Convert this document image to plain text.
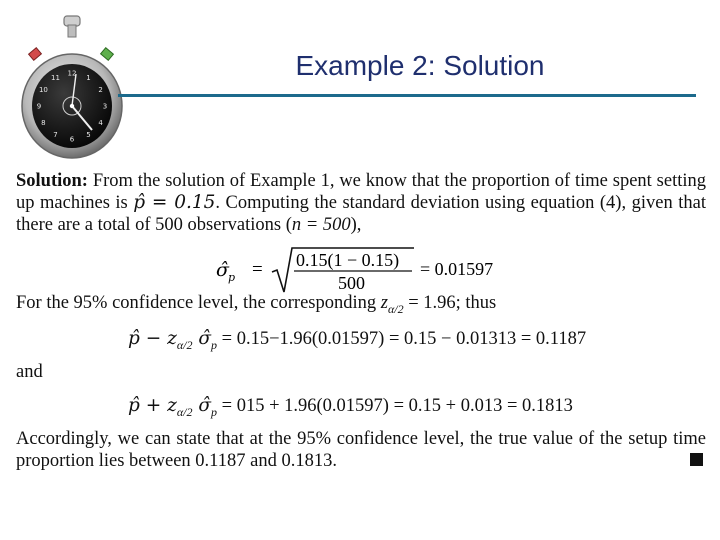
12
1
2
3
4
5
6
7
8
9
10
11	Example 2: Solution
Solution: From the solution of Example 1, we know that the proportion of time spent setting up machines is p̂ = 0.15. Computing the standard deviation using equation (4), given that there are a total of 500 observations (n = 500),
σ̂ p = 0.15(1 − 0.15)
500
= 0.01597
For the 95% confidence level, the corresponding $z_{\alpha/2} = 1.96$; thus
p̂ − $z_{\alpha/2}$ $\sigmâ_p = 0.15-1.96(0.01597) = 0.15 - 0.01313 = 0.1187$
and
p̂ + $z_{\alpha/2}$ $\sigmâ_p = 015 + 1.96(0.01597) = 0.15 + 0.013 = 0.1813$
Accordingly, we can state that at the 95% confidence level, the true value of the setup time proportion lies between 0.1187 and 0.1813.
